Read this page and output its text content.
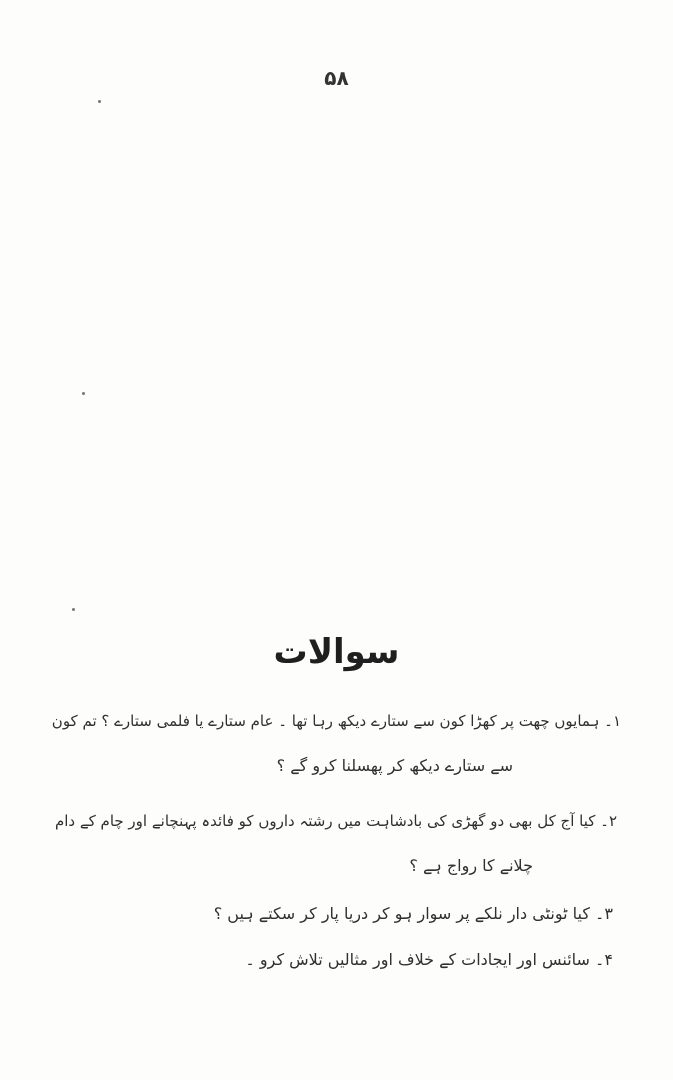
۵۸
سوالات
۱۔ ہمایوں چھت پر کھڑا کون سے ستارے دیکھ رہا تھا ۔ عام ستارے یا فلمی ستارے ؟ تم کون
سے ستارے دیکھ کر پھسلنا کرو گے ؟
۲۔ کیا آج کل بھی دو گھڑی کی بادشاہت میں رشتہ داروں کو فائدہ پہنچانے اور چام کے دام
چلانے کا رواج ہے ؟
۳۔ کیا ٹونٹی دار نلکے پر سوار ہو کر دریا پار کر سکتے ہیں ؟
۴۔ سائنس اور ایجادات کے خلاف اور مثالیں تلاش کرو ۔
